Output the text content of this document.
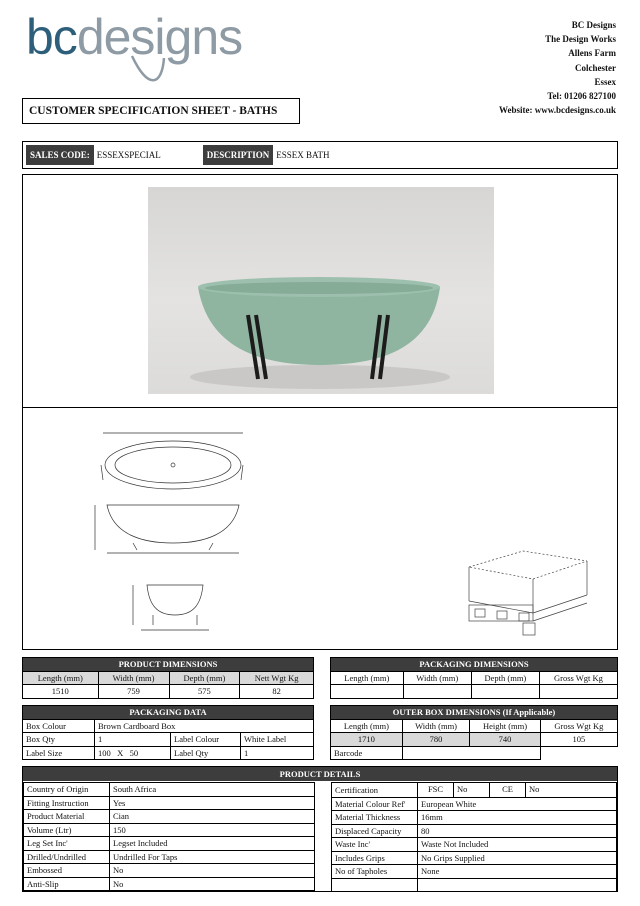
bcdesigns	BC Designs
The Design Works
Allens Farm
Colchester
Essex
Tel: 01206 827100
Website: www.bcdesigns.co.uk
CUSTOMER SPECIFICATION SHEET - BATHS
SALES CODE: ESSEXSPECIAL	DESCRIPTION ESSEX BATH
PRODUCT DIMENSIONS			
Length (mm)	Width (mm)	Depth (mm)	Nett Wgt Kg
1510	759	575	82
PACKAGING DIMENSIONS			
Length (mm)	Width (mm)	Depth (mm)	Gross Wgt Kg

PACKAGING DATA			
Box Colour	Brown Cardboard Box		
Box Qty	1	Label Colour	White Label
Label Size	100   X   50	Label Qty	1
OUTER BOX DIMENSIONS (If Applicable)			
Length (mm)	Width (mm)	Height (mm)	Gross Wgt Kg
1710	780	740	105
Barcode			
PRODUCT DETAILS
Country of Origin	South Africa
Fitting Instruction	Yes
Product Material	Cian
Volume (Ltr)	150
Leg Set Inc'	Legset Included
Drilled/Undrilled	Undrilled For Taps
Embossed	No
Anti-Slip	No
Certification	FSC No CE No

Material Colour Ref'	European White
Material Thickness	16mm
Displaced Capacity	80
Waste Inc'	Waste Not Included
Includes Grips	No Grips Supplied
No of Tapholes	None
